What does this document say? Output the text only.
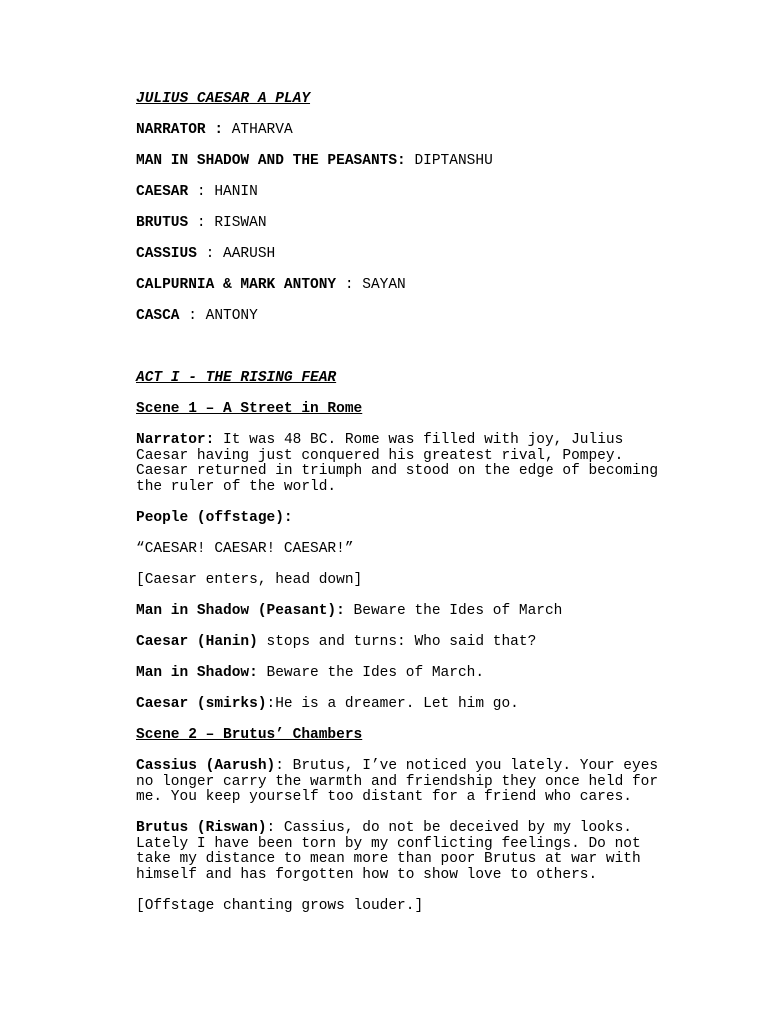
JULIUS CAESAR A PLAY
NARRATOR : ATHARVA
MAN IN SHADOW AND THE PEASANTS: DIPTANSHU
CAESAR : HANIN
BRUTUS : RISWAN
CASSIUS : AARUSH
CALPURNIA & MARK ANTONY : SAYAN
CASCA : ANTONY
ACT I - THE RISING FEAR
Scene 1 – A Street in Rome
Narrator: It was 48 BC. Rome was filled with joy, Julius
Caesar having just conquered his greatest rival, Pompey.
Caesar returned in triumph and stood on the edge of becoming
the ruler of the world.
People (offstage):
“CAESAR! CAESAR! CAESAR!”
[Caesar enters, head down]
Man in Shadow (Peasant): Beware the Ides of March
Caesar (Hanin) stops and turns: Who said that?
Man in Shadow: Beware the Ides of March.
Caesar (smirks):He is a dreamer. Let him go.
Scene 2 – Brutus’ Chambers
Cassius (Aarush): Brutus, I’ve noticed you lately. Your eyes
no longer carry the warmth and friendship they once held for
me. You keep yourself too distant for a friend who cares.
Brutus (Riswan): Cassius, do not be deceived by my looks.
Lately I have been torn by my conflicting feelings. Do not
take my distance to mean more than poor Brutus at war with
himself and has forgotten how to show love to others.
[Offstage chanting grows louder.]
